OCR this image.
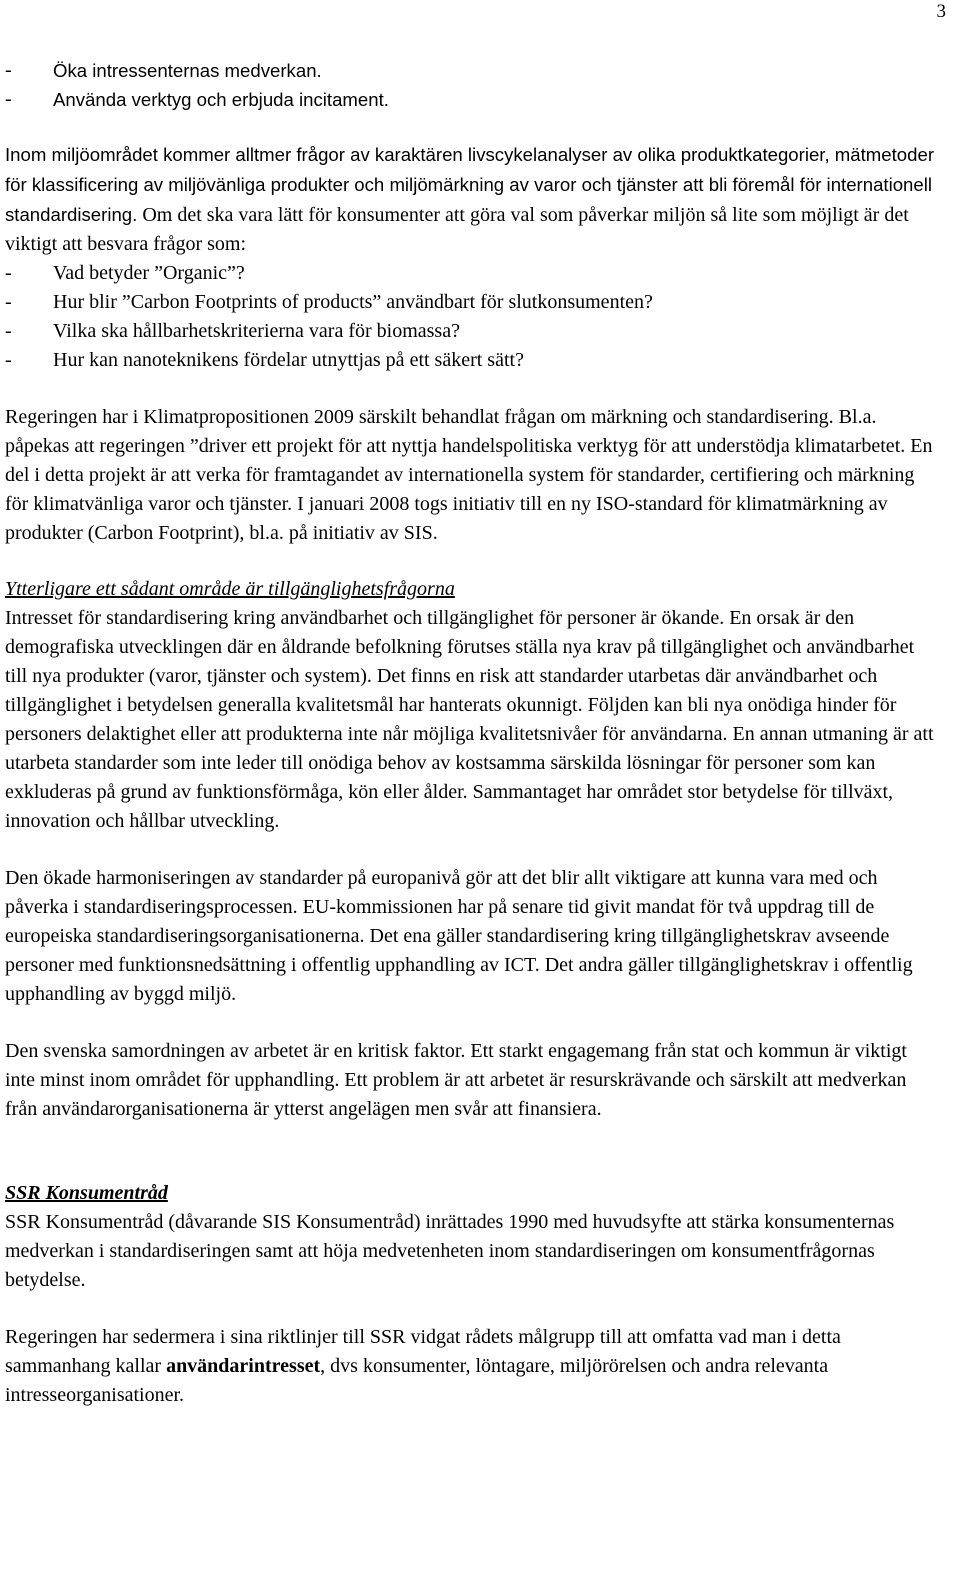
3
-	Öka intressenternas medverkan.
-	Använda verktyg och erbjuda incitament.

Inom miljöområdet kommer alltmer frågor av karaktären livscykelanalyser av olika produktkategorier, mätmetoder för klassificering av miljövänliga produkter och miljömärkning av varor och tjänster att bli föremål för internationell standardisering. Om det ska vara lätt för konsumenter att göra val som påverkar miljön så lite som möjligt är det viktigt att besvara frågor som:

-	Vad betyder ”Organic”?
-	Hur blir ”Carbon Footprints of products” användbart för slutkonsumenten?
-	Vilka ska hållbarhetskriterierna vara för biomassa?
-	Hur kan nanoteknikens fördelar utnyttjas på ett säkert sätt?

Regeringen har i Klimatpropositionen 2009 särskilt behandlat frågan om märkning och standardisering. Bl.a. påpekas att regeringen ”driver ett projekt för att nyttja handelspolitiska verktyg för att understödja klimatarbetet. En del i detta projekt är att verka för framtagandet av internationella system för standarder, certifiering och märkning för klimatvänliga varor och tjänster. I januari 2008 togs initiativ till en ny ISO-standard för klimatmärkning av produkter (Carbon Footprint), bl.a. på initiativ av SIS.

Ytterligare ett sådant område är tillgänglighetsfrågorna

Intresset för standardisering kring användbarhet och tillgänglighet för personer är ökande. En orsak är den demografiska utvecklingen där en åldrande befolkning förutses ställa nya krav på tillgänglighet och användbarhet till nya produkter (varor, tjänster och system). Det finns en risk att standarder utarbetas där användbarhet och tillgänglighet i betydelsen generalla kvalitetsmål har hanterats okunnigt. Följden kan bli nya onödiga hinder för personers delaktighet eller att produkterna inte når möjliga kvalitetsnivåer för användarna. En annan utmaning är att utarbeta standarder som inte leder till onödiga behov av kostsamma särskilda lösningar för personer som kan exkluderas på grund av funktionsförmåga, kön eller ålder. Sammantaget har området stor betydelse för tillväxt, innovation och hållbar utveckling.

Den ökade harmoniseringen av standarder på europanivå gör att det blir allt viktigare att kunna vara med och påverka i standardiseringsprocessen. EU-kommissionen har på senare tid givit mandat för två uppdrag till de europeiska standardiseringsorganisationerna. Det ena gäller standardisering kring tillgänglighetskrav avseende personer med funktionsnedsättning i offentlig upphandling av ICT. Det andra gäller tillgänglighetskrav i offentlig upphandling av byggd miljö.

Den svenska samordningen av arbetet är en kritisk faktor. Ett starkt engagemang från stat och kommun är viktigt inte minst inom området för upphandling. Ett problem är att arbetet är resurskrävande och särskilt att medverkan från användarorganisationerna är ytterst angelägen men svår att finansiera.

SSR Konsumentråd

SSR Konsumentråd (dåvarande SIS Konsumentråd) inrättades 1990 med huvudsyfte att stärka konsumenternas medverkan i standardiseringen samt att höja medvetenheten inom standardiseringen om konsumentfrågornas betydelse.

Regeringen har sedermera i sina riktlinjer till SSR vidgat rådets målgrupp till att omfatta vad man i detta sammanhang kallar användarintresset, dvs konsumenter, löntagare, miljörörelsen och andra relevanta intresseorganisationer.
